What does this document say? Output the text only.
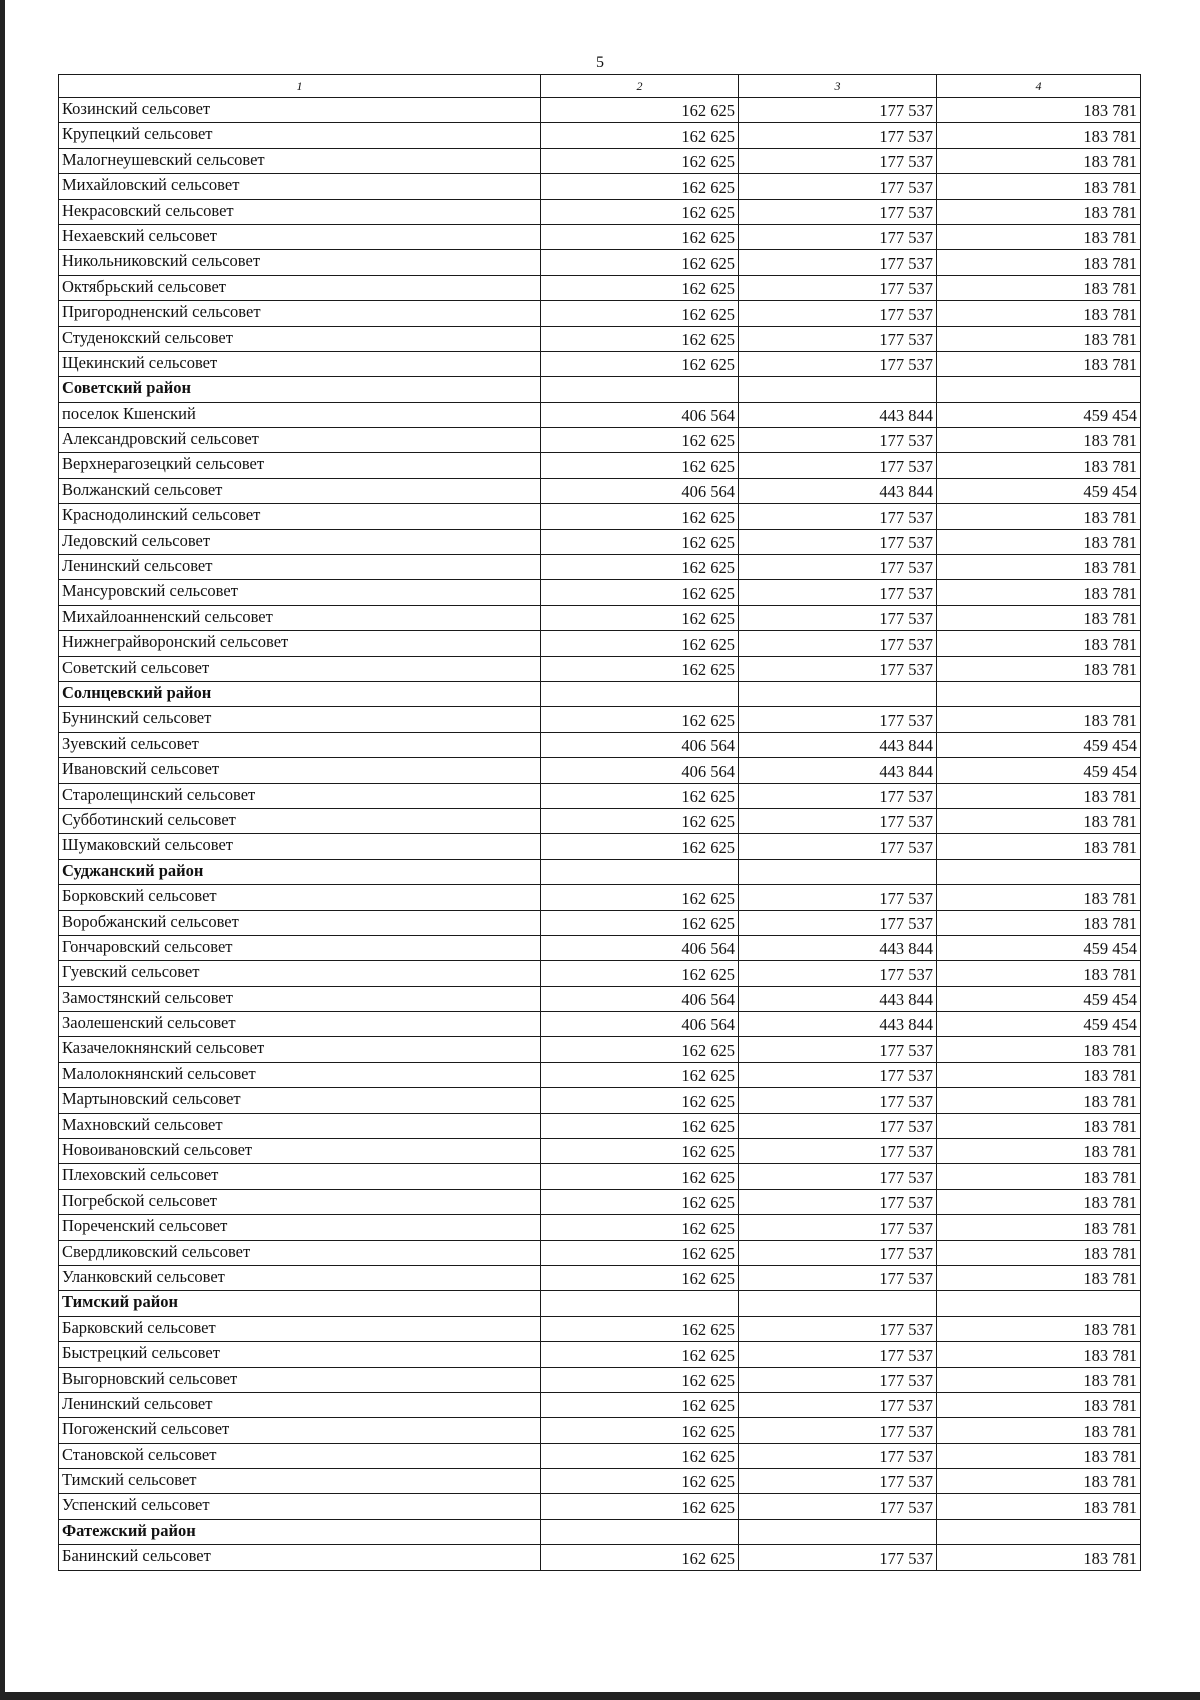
5
1	2	3	4
Козинский сельсовет	162 625	177 537	183 781
Крупецкий сельсовет	162 625	177 537	183 781
Малогнеушевский сельсовет	162 625	177 537	183 781
Михайловский сельсовет	162 625	177 537	183 781
Некрасовский сельсовет	162 625	177 537	183 781
Нехаевский сельсовет	162 625	177 537	183 781
Никольниковский сельсовет	162 625	177 537	183 781
Октябрьский сельсовет	162 625	177 537	183 781
Пригородненский сельсовет	162 625	177 537	183 781
Студенокский сельсовет	162 625	177 537	183 781
Щекинский сельсовет	162 625	177 537	183 781
Советский район			
поселок Кшенский	406 564	443 844	459 454
Александровский сельсовет	162 625	177 537	183 781
Верхнерагозецкий сельсовет	162 625	177 537	183 781
Волжанский сельсовет	406 564	443 844	459 454
Краснодолинский сельсовет	162 625	177 537	183 781
Ледовский сельсовет	162 625	177 537	183 781
Ленинский сельсовет	162 625	177 537	183 781
Мансуровский сельсовет	162 625	177 537	183 781
Михайлоанненский сельсовет	162 625	177 537	183 781
Нижнеграйворонский сельсовет	162 625	177 537	183 781
Советский сельсовет	162 625	177 537	183 781
Солнцевский район			
Бунинский сельсовет	162 625	177 537	183 781
Зуевский сельсовет	406 564	443 844	459 454
Ивановский сельсовет	406 564	443 844	459 454
Старолещинский сельсовет	162 625	177 537	183 781
Субботинский сельсовет	162 625	177 537	183 781
Шумаковский сельсовет	162 625	177 537	183 781
Суджанский район			
Борковский сельсовет	162 625	177 537	183 781
Воробжанский сельсовет	162 625	177 537	183 781
Гончаровский сельсовет	406 564	443 844	459 454
Гуевский сельсовет	162 625	177 537	183 781
Замостянский сельсовет	406 564	443 844	459 454
Заолешенский сельсовет	406 564	443 844	459 454
Казачелокнянский сельсовет	162 625	177 537	183 781
Малолокнянский сельсовет	162 625	177 537	183 781
Мартыновский сельсовет	162 625	177 537	183 781
Махновский сельсовет	162 625	177 537	183 781
Новоивановский сельсовет	162 625	177 537	183 781
Плеховский сельсовет	162 625	177 537	183 781
Погребской сельсовет	162 625	177 537	183 781
Пореченский сельсовет	162 625	177 537	183 781
Свердликовский сельсовет	162 625	177 537	183 781
Уланковский сельсовет	162 625	177 537	183 781
Тимский район			
Барковский сельсовет	162 625	177 537	183 781
Быстрецкий сельсовет	162 625	177 537	183 781
Выгорновский сельсовет	162 625	177 537	183 781
Ленинский сельсовет	162 625	177 537	183 781
Погоженский сельсовет	162 625	177 537	183 781
Становской сельсовет	162 625	177 537	183 781
Тимский сельсовет	162 625	177 537	183 781
Успенский сельсовет	162 625	177 537	183 781
Фатежский район			
Банинский сельсовет	162 625	177 537	183 781
